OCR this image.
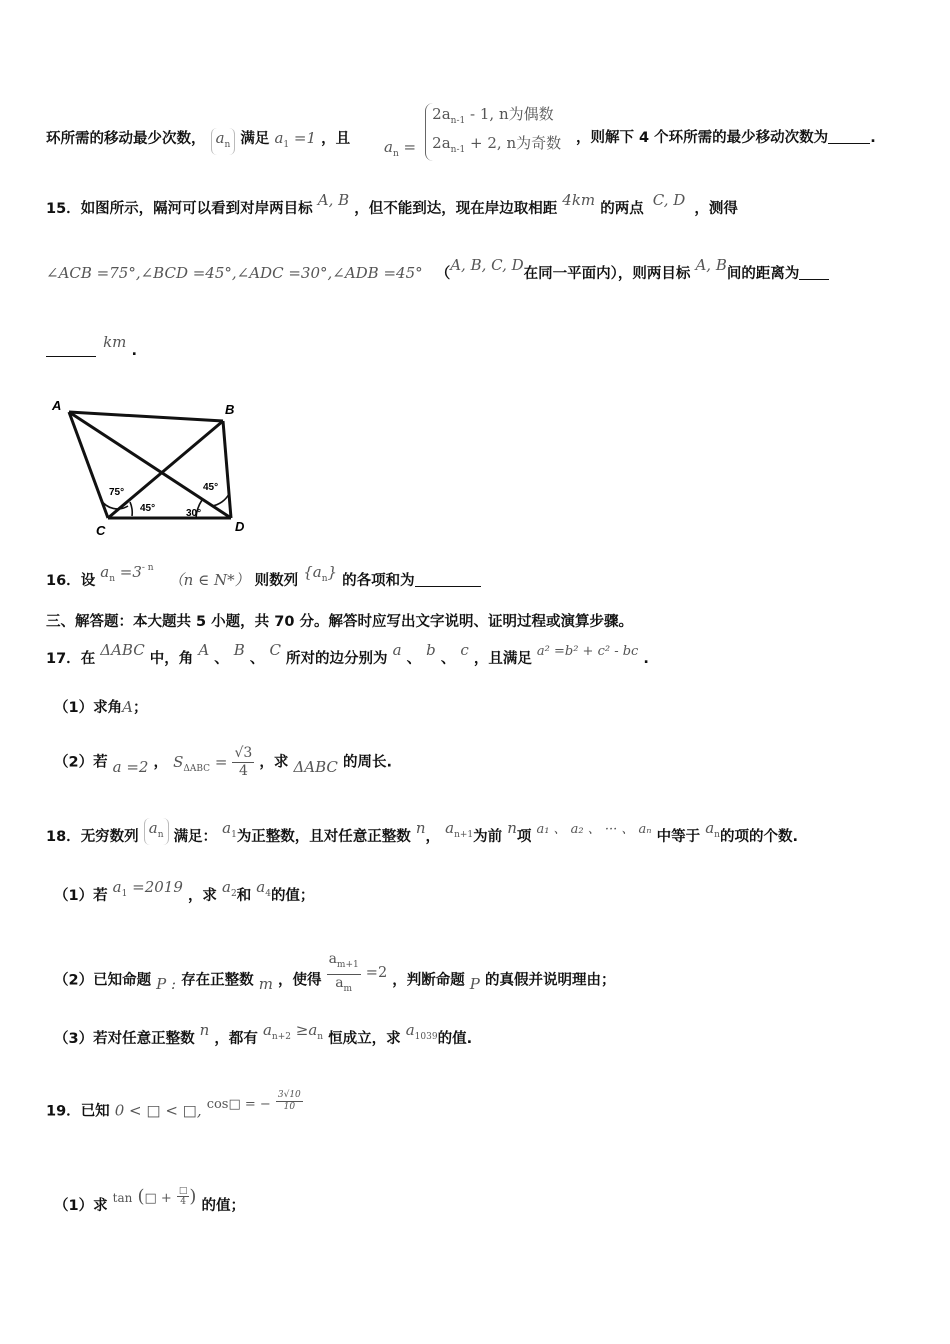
环所需的移动最少次数， $a_n$ 满足 $a_1 =1$ ，且 $a_n = 2a_{n-1} - 1$, n为偶数
$2a_{n-1} + 2$, n为奇数 ，则解下 4 个环所需的最少移动次数为	.
15．如图所示，隔河可以看到对岸两目标 A, B ，但不能到达，现在岸边取相距 4km 的两点 C, D ，测得
∠ACB =75°,∠BCD =45°,∠ADC =30°,∠ADB =45° （A, B, C, D在同一平面内），则两目标 A, B间的距离为
km .
A	B
C	D
75°
45°	30°
45°
16．设 $a_n =3^{- n}$ （n ∈ N*） 则数列 $\{a_n\}$ 的各项和为
三、解答题：本大题共 5 小题，共 70 分。解答时应写出文字说明、证明过程或演算步骤。
17．在 ΔABC 中，角 A 、 B 、 C 所对的边分别为 a 、 b 、 c ，且满足 a² =b² + c² - bc .
（1）求角A；
（2）若 a =2 ， $S_{\Delta ABC} = \frac{√3}{4}$ ，求 ΔABC 的周长.
18．无穷数列 $a_n$ 满足： $a_1$为正整数，且对任意正整数 n， $a_{n+1}$为前 n项 a₁ 、 a₂ 、 ··· 、 aₙ 中等于 $a_n$的项的个数.
（1）若 $a_1 =2019$ ，求 $a_2$和 $a_4$的值；
（2）已知命题 P : 存在正整数 m ，使得 $\frac{a_{m+1}}{a_m} =2$ ，判断命题 P 的真假并说明理由；
（3）若对任意正整数 n ，都有 $a_{n+2} \ge a_n$ 恒成立，求 $a_{1039}$的值.
19．已知 0 < □ < □, cos□ = − $\frac{3√10}{10}$
（1）求 $^{tan}$ (□ + $\frac{□}{4}$ ) 的值；
